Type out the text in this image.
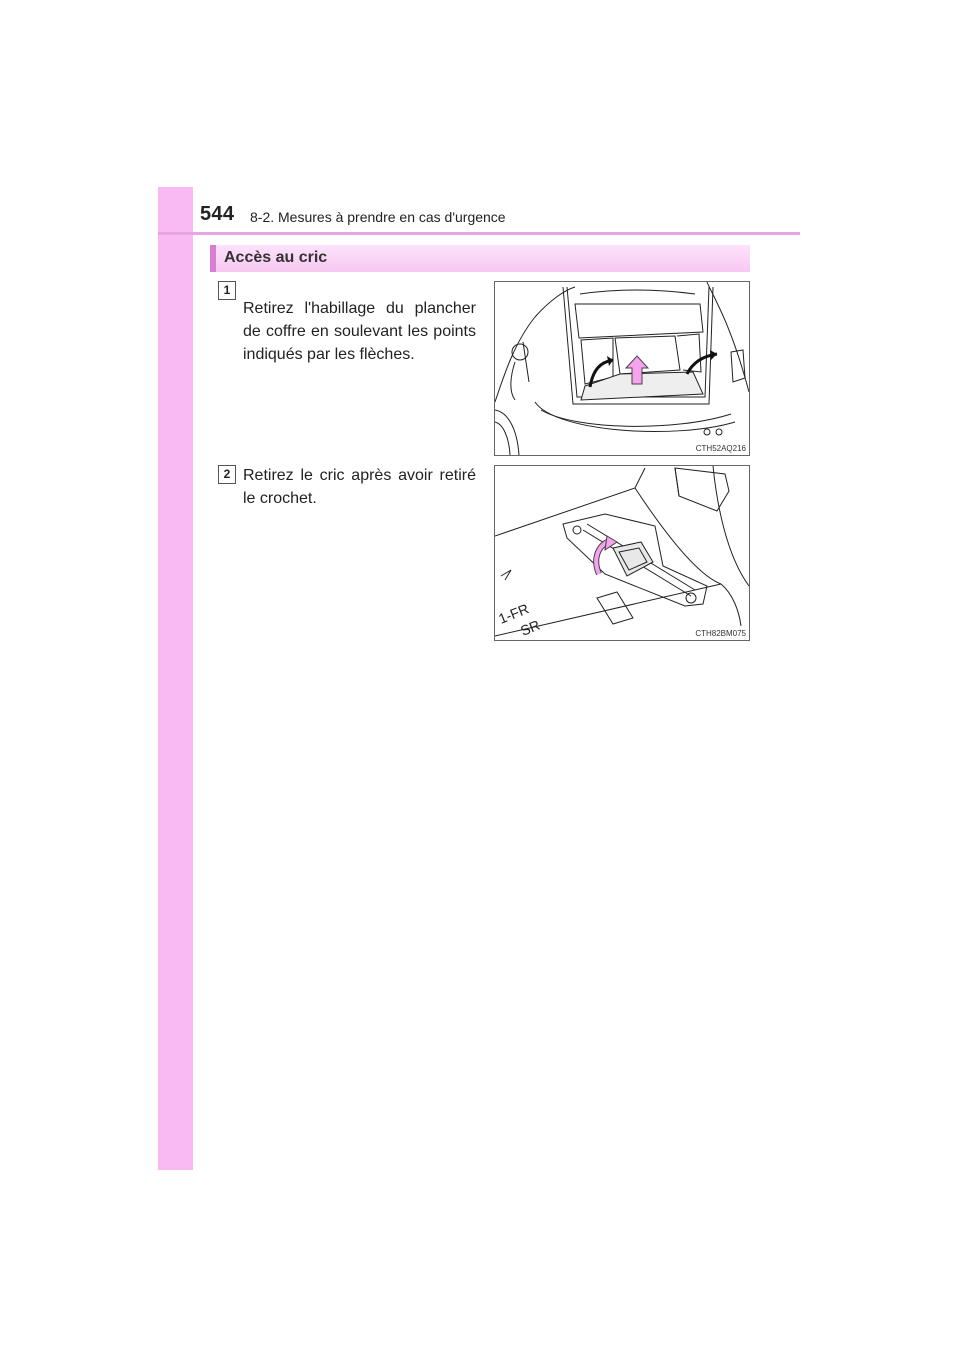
544 8-2. Mesures à prendre en cas d'urgence
Accès au cric
1
Retirez l'habillage du plancher de coffre en soulevant les points indiqués par les flèches.
CTH52AQ216
2 Retirez le cric après avoir retiré le crochet.
1-FR
SR	CTH82BM075
